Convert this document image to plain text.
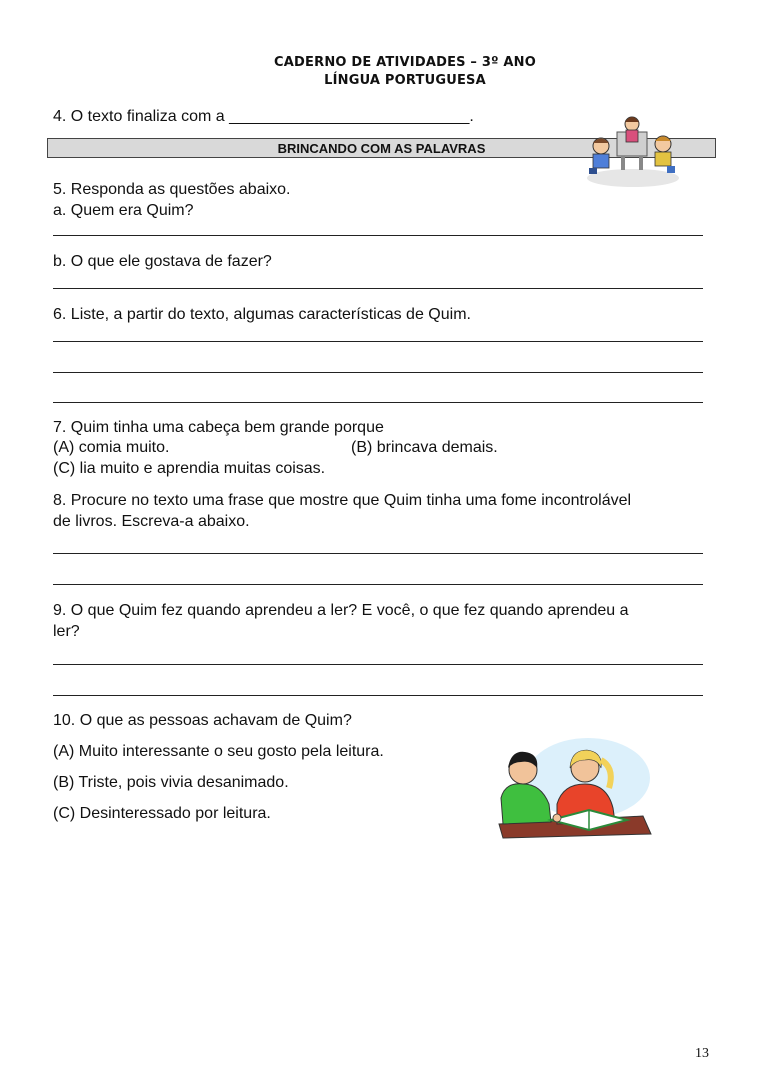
CADERNO DE ATIVIDADES – 3º ANO
LÍNGUA PORTUGUESA
4. O texto finaliza com a ___________________________.
BRINCANDO COM AS PALAVRAS
5. Responda as questões abaixo.
a. Quem era Quim?
b. O que ele gostava de fazer?
6. Liste, a partir do texto, algumas características de Quim.
7. Quim tinha uma cabeça bem grande porque
(A) comia muito.	(B) brincava demais.
(C) lia muito e aprendia muitas coisas.
8. Procure no texto uma frase que mostre que Quim tinha uma fome incontrolável
de livros. Escreva-a abaixo.
9. O que Quim fez quando aprendeu a ler? E você, o que fez quando aprendeu a
ler?
10. O que as pessoas achavam de Quim?
(A) Muito interessante o seu gosto pela leitura.
(B) Triste, pois vivia desanimado.
(C) Desinteressado por leitura.
13
